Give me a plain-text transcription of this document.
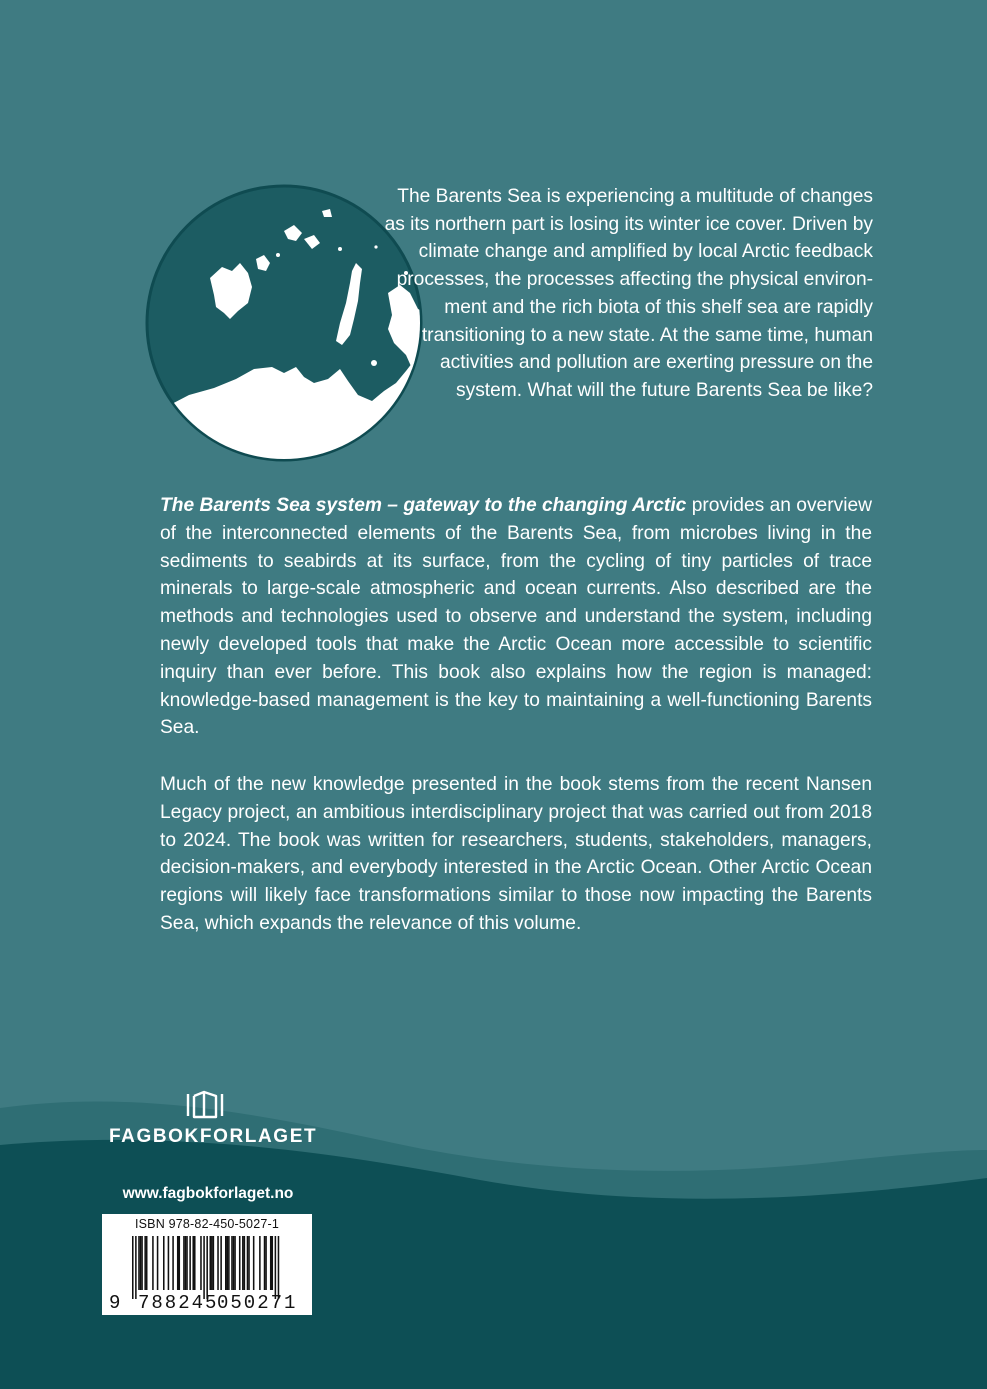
The Barents Sea is experiencing a multitude of changes as its northern part is losing its winter ice cover. Driven by climate change and amplified by local Arctic feedback processes, the processes affecting the physical environment and the rich biota of this shelf sea are rapidly transitioning to a new state. At the same time, human activities and pollution are exerting pressure on the system. What will the future Barents Sea be like?

The Barents Sea system – gateway to the changing Arctic provides an overview of the interconnected elements of the Barents Sea, from microbes living in the sediments to seabirds at its surface, from the cycling of tiny particles of trace minerals to large-scale atmospheric and ocean currents. Also described are the methods and technologies used to observe and understand the system, including newly developed tools that make the Arctic Ocean more accessible to scientific inquiry than ever before. This book also explains how the region is managed: knowledge-based management is the key to maintaining a well-functioning Barents Sea.

Much of the new knowledge presented in the book stems from the recent Nansen Legacy project, an ambitious interdisciplinary project that was carried out from 2018 to 2024. The book was written for researchers, students, stakeholders, managers, decision-makers, and everybody interested in the Arctic Ocean. Other Arctic Ocean regions will likely face transformations similar to those now impacting the Barents Sea, which expands the relevance of this volume.

FAGBOKFORLAGET
www.fagbokforlaget.no
ISBN 978-82-450-5027-1
9 788245
050271
